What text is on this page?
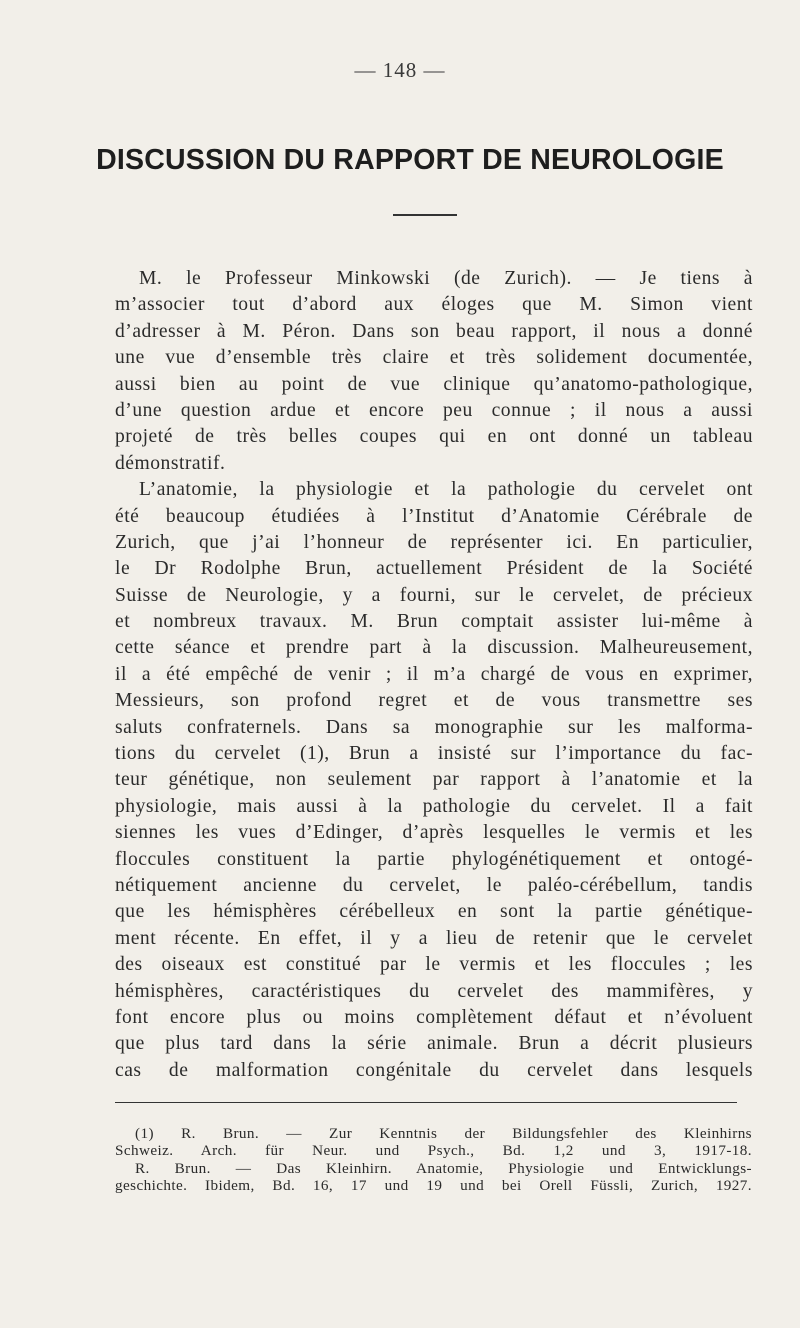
— 148 —
DISCUSSION DU RAPPORT DE NEUROLOGIE
M. le Professeur Minkowski (de Zurich). — Je tiens à
m’associer tout d’abord aux éloges que M. Simon vient
d’adresser à M. Péron. Dans son beau rapport, il nous a donné
une vue d’ensemble très claire et très solidement documentée,
aussi bien au point de vue clinique qu’anatomo-pathologique,
d’une question ardue et encore peu connue ; il nous a aussi
projeté de très belles coupes qui en ont donné un tableau
démonstratif.
L’anatomie, la physiologie et la pathologie du cervelet ont
été beaucoup étudiées à l’Institut d’Anatomie Cérébrale de
Zurich, que j’ai l’honneur de représenter ici. En particulier,
le Dr Rodolphe Brun, actuellement Président de la Société
Suisse de Neurologie, y a fourni, sur le cervelet, de précieux
et nombreux travaux. M. Brun comptait assister lui-même à
cette séance et prendre part à la discussion. Malheureusement,
il a été empêché de venir ; il m’a chargé de vous en exprimer,
Messieurs, son profond regret et de vous transmettre ses
saluts confraternels. Dans sa monographie sur les malforma-
tions du cervelet (1), Brun a insisté sur l’importance du fac-
teur génétique, non seulement par rapport à l’anatomie et la
physiologie, mais aussi à la pathologie du cervelet. Il a fait
siennes les vues d’Edinger, d’après lesquelles le vermis et les
floccules constituent la partie phylogénétiquement et ontogé-
nétiquement ancienne du cervelet, le paléo-cérébellum, tandis
que les hémisphères cérébelleux en sont la partie génétique-
ment récente. En effet, il y a lieu de retenir que le cervelet
des oiseaux est constitué par le vermis et les floccules ; les
hémisphères, caractéristiques du cervelet des mammifères, y
font encore plus ou moins complètement défaut et n’évoluent
que plus tard dans la série animale. Brun a décrit plusieurs
cas de malformation congénitale du cervelet dans lesquels
(1) R. Brun. — Zur Kenntnis der Bildungsfehler des Kleinhirns
Schweiz. Arch. für Neur. und Psych., Bd. 1,2 und 3, 1917-18.
R. Brun. — Das Kleinhirn. Anatomie, Physiologie und Entwicklungs-
geschichte. Ibidem, Bd. 16, 17 und 19 und bei Orell Füssli, Zurich, 1927.
